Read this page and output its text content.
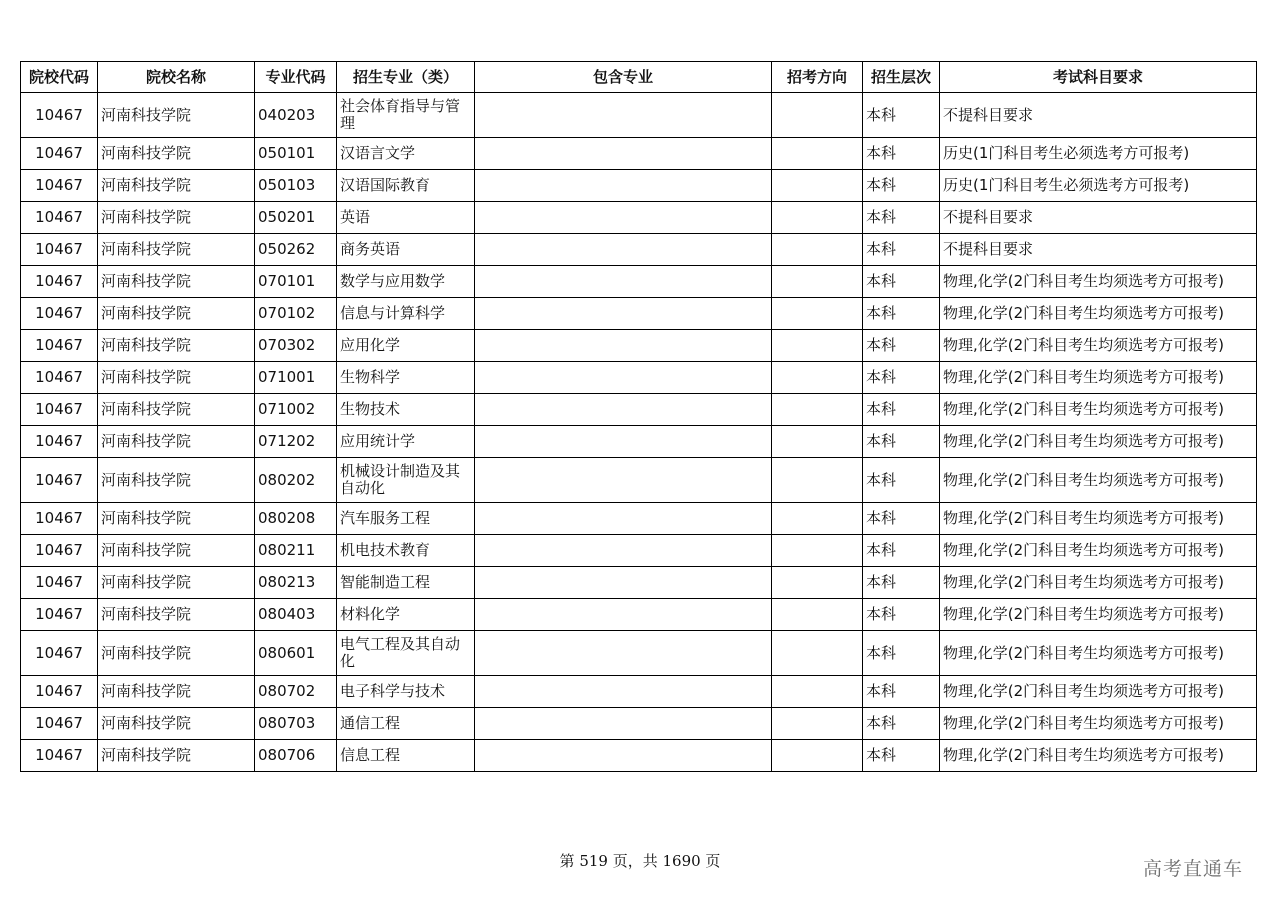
院校代码	院校名称	专业代码	招生专业（类）	包含专业	招考方向	招生层次	考试科目要求
10467	河南科技学院	040203	社会体育指导与管理			本科	不提科目要求
10467	河南科技学院	050101	汉语言文学			本科	历史(1门科目考生必须选考方可报考)
10467	河南科技学院	050103	汉语国际教育			本科	历史(1门科目考生必须选考方可报考)
10467	河南科技学院	050201	英语			本科	不提科目要求
10467	河南科技学院	050262	商务英语			本科	不提科目要求
10467	河南科技学院	070101	数学与应用数学			本科	物理,化学(2门科目考生均须选考方可报考)
10467	河南科技学院	070102	信息与计算科学			本科	物理,化学(2门科目考生均须选考方可报考)
10467	河南科技学院	070302	应用化学			本科	物理,化学(2门科目考生均须选考方可报考)
10467	河南科技学院	071001	生物科学			本科	物理,化学(2门科目考生均须选考方可报考)
10467	河南科技学院	071002	生物技术			本科	物理,化学(2门科目考生均须选考方可报考)
10467	河南科技学院	071202	应用统计学			本科	物理,化学(2门科目考生均须选考方可报考)
10467	河南科技学院	080202	机械设计制造及其自动化			本科	物理,化学(2门科目考生均须选考方可报考)
10467	河南科技学院	080208	汽车服务工程			本科	物理,化学(2门科目考生均须选考方可报考)
10467	河南科技学院	080211	机电技术教育			本科	物理,化学(2门科目考生均须选考方可报考)
10467	河南科技学院	080213	智能制造工程			本科	物理,化学(2门科目考生均须选考方可报考)
10467	河南科技学院	080403	材料化学			本科	物理,化学(2门科目考生均须选考方可报考)
10467	河南科技学院	080601	电气工程及其自动化			本科	物理,化学(2门科目考生均须选考方可报考)
10467	河南科技学院	080702	电子科学与技术			本科	物理,化学(2门科目考生均须选考方可报考)
10467	河南科技学院	080703	通信工程			本科	物理,化学(2门科目考生均须选考方可报考)
10467	河南科技学院	080706	信息工程			本科	物理,化学(2门科目考生均须选考方可报考)
第 519 页，共 1690 页	高考直通车
